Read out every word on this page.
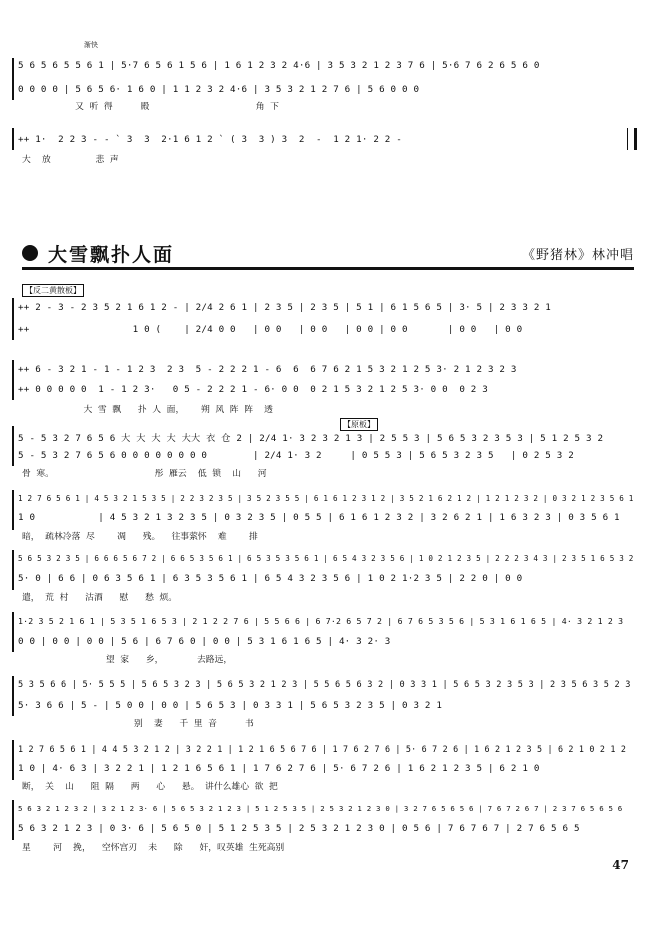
渐快
5 6 5 6 5 5 6 1 | 5·7 6 5 6 1 5 6 | 1 6 1 2 3 2 4·6 | 3 5 3 2 1 2 3 7 6 | 5·6 7 6 2 6 5 6 0
0 0 0 0 | 5 6 5 6· 1 6 0 | 1 1 2 3 2 4·6 | 3 5 3 2 1 2 7 6 | 5 6 0 0 0
又  听  得          殿                                      角  下
++ 1·  2 2 3 - - ` 3  3  2·1 6 1 2 ` ( 3  3 ) 3  2  -  1 2 1· 2 2 -
大    放                悲  声
大雪飘扑人面	《野猪林》林冲唱
【反二黄散板】
++ 2 - 3 - 2 3 5 2 1 6 1 2 - | 2/4 2 6 1 | 2 3 5 | 2 3 5 | 5 1 | 6 1 5 6 5 | 3· 5 | 2 3 3 2 1
++                  1 0 (    | 2/4 0 0   | 0 0   | 0 0   | 0 0 | 0 0       | 0 0   | 0 0
++ 6 - 3 2 1 - 1 - 1 2 3  2 3  5 - 2 2 2 1 - 6  6  6 7 6 2 1 5 3 2 1 2 5 3· 2 1 2 3 2 3
++ 0 0 0 0 0  1 - 1 2 3·   0 5 - 2 2 2 1 - 6· 0 0  0 2 1 5 3 2 1 2 5 3· 0 0  0 2 3
大  雪  飘      扑  人  面，      朔  风  阵  阵    透
【原板】
5 - 5 3 2 7 6 5 6 大 大 大 大 大大 衣 仓 2 | 2/4 1· 3 2 3 2 1 3 | 2 5 5 3 | 5 6 5 3 2 3 5 3 | 5 1 2 5 3 2
5 - 5 3 2 7 6 5 6 0 0 0 0 0 0 0 0        | 2/4 1· 3 2     | 0 5 5 3 | 5 6 5 3 2 3 5   | 0 2 5 3 2
骨  寒。                                    彤  雁云    低  锁    山      河
1 2 7 6 5 6 1 | 4 5 3 2 1 5 3 5 | 2 2 3 2 3 5 | 3 5 2 3 5 5 | 6 1 6 1 2 3 1 2 | 3 5 2 1 6 2 1 2 | 1 2 1 2 3 2 | 0 3 2 1 2 3 5 6 1
1 0           | 4 5 3 2 1 3 2 3 5 | 0 3 2 3 5 | 0 5 5 | 6 1 6 1 2 3 2 | 3 2 6 2 1 | 1 6 3 2 3 | 0 3 5 6 1
暗，  疏林冷落  尽        凋      残。    往事萦怀    难        排
5 6 5 3 2 3 5 | 6 6 6 5 6 7 2 | 6 6 5 3 5 6 1 | 6 5 3 5 3 5 6 1 | 6 5 4 3 2 3 5 6 | 1 0 2 1 2 3 5 | 2 2 2 3 4 3 | 2 3 5 1 6 5 3 2
5· 0 | 6 6 | 0 6 3 5 6 1 | 6 3 5 3 5 6 1 | 6 5 4 3 2 3 5 6 | 1 0 2 1·2 3 5 | 2 2 0 | 0 0
遣，  荒  村      沽酒      慰      愁  烦。
1·2 3 5 2 1 6 1 | 5 3 5 1 6 5 3 | 2 1 2 2 7 6 | 5 5 6 6 | 6 7·2 6 5 7 2 | 6 7 6 5 3 5 6 | 5 3 1 6 1 6 5 | 4· 3 2 1 2 3
0 0 | 0 0 | 0 0 | 5 6 | 6 7 6 0 | 0 0 | 5 3 1 6 1 6 5 | 4· 3 2· 3
望  家      乡，            去路远，
5 3 5 6 6 | 5· 5 5 5 | 5 6 5 3 2 3 | 5 6 5 3 2 1 2 3 | 5 5 6 5 6 3 2 | 0 3 3 1 | 5 6 5 3 2 3 5 3 | 2 3 5 6 3 5 2 3
5· 3 6 6 | 5 - | 5 0 0 | 0 0 | 5 6 5 3 | 0 3 3 1 | 5 6 5 3 2 3 5 | 0 3 2 1
别    妻      千  里  音          书
1 2 7 6 5 6 1 | 4 4 5 3 2 1 2 | 3 2 2 1 | 1 2 1 6 5 6 7 6 | 1 7 6 2 7 6 | 5· 6 7 2 6 | 1 6 2 1 2 3 5 | 6 2 1 0 2 1 2
1 0 | 4· 6 3 | 3 2 2 1 | 1 2 1 6 5 6 1 | 1 7 6 2 7 6 | 5· 6 7 2 6 | 1 6 2 1 2 3 5 | 6 2 1 0
断，  关    山      阻  隔      两      心      悬。  讲什么雄心  欲  把
5 6 3 2 1 2 3 2 | 3 2 1 2 3· 6 | 5 6 5 3 2 1 2 3 | 5 1 2 5 3 5 | 2 5 3 2 1 2 3 0 | 3 2 7 6 5 6 5 6 | 7 6 7 2 6 7 | 2 3 7 6 5 6 5 6
5 6 3 2 1 2 3 | 0 3· 6 | 5 6 5 0 | 5 1 2 5 3 5 | 2 5 3 2 1 2 3 0 | 0 5 6 | 7 6 7 6 7 | 2 7 6 5 6 5
星        河    挽，    空怀宫刃    未      除      奸，叹英雄  生死高别
47
